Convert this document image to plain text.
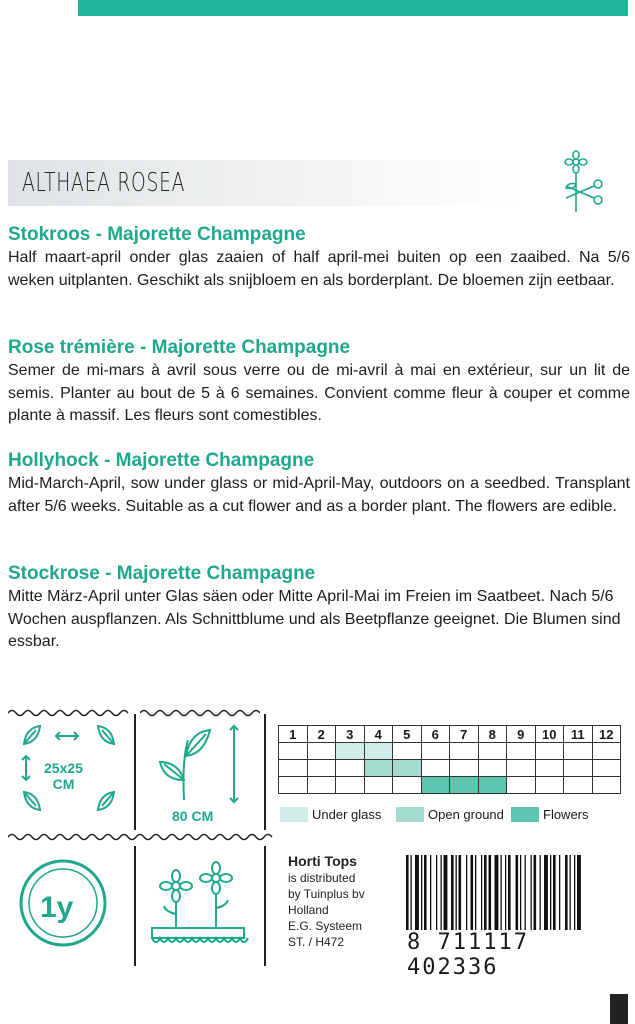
ALTHAEA ROSEA
Stokroos - Majorette Champagne

Half maart-april onder glas zaaien of half april-mei buiten op een zaaibed. Na 5/6 weken uitplanten. Geschikt als snijbloem en als borderplant. De bloemen zijn eetbaar.

Rose trémière - Majorette Champagne

Semer de mi-mars à avril sous verre ou de mi-avril à mai en extérieur, sur un lit de semis. Planter au bout de 5 à 6 semaines. Convient comme fleur à couper et comme plante à massif. Les fleurs sont comestibles.

Hollyhock - Majorette Champagne

Mid-March-April, sow under glass or mid-April-May, outdoors on a seedbed. Transplant after 5/6 weeks. Suitable as a cut flower and as a border plant. The flowers are edible.

Stockrose - Majorette Champagne

Mitte März-April unter Glas säen oder Mitte April-Mai im Freien im Saatbeet. Nach 5/6 Wochen auspflanzen. Als Schnittblume und als Beetpflanze geeignet. Die Blumen sind essbar.

25x25
CM
80 CM
1y
1	2	3	4	5	6	7	8	9	10	11	12

Under glass	Open ground	Flowers
Horti Tops
is distributed
by Tuinplus bv
Holland
E.G. Systeem
ST. / H472	8 711117 402336
